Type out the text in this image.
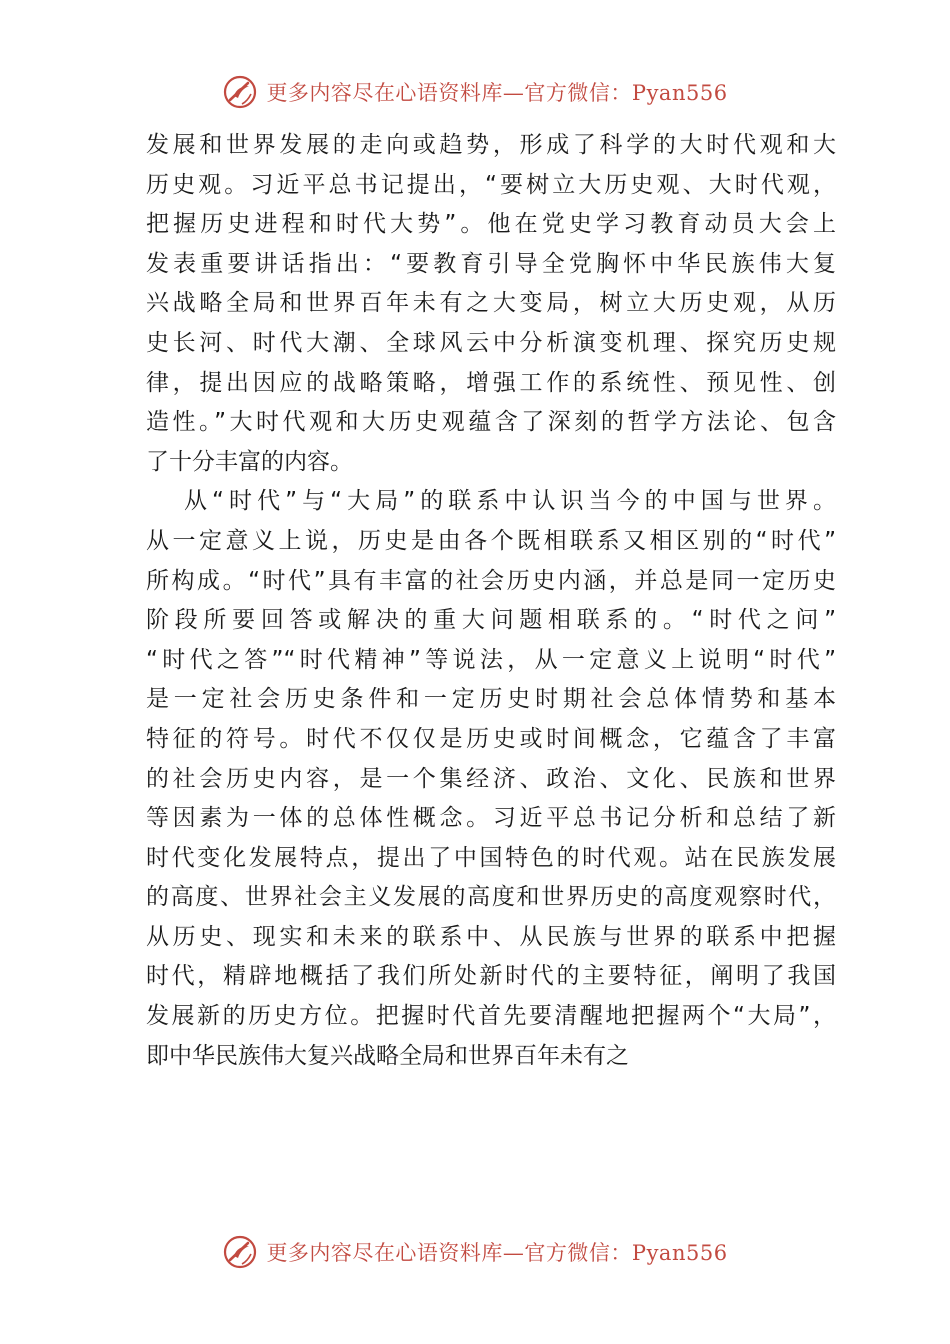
更多内容尽在心语资料库—官方微信：Pyan556
发展和世界发展的走向或趋势，形成了科学的大时代观和大
历史观。习近平总书记提出，“要树立大历史观、大时代观，
把握历史进程和时代大势”。他在党史学习教育动员大会上
发表重要讲话指出：“要教育引导全党胸怀中华民族伟大复
兴战略全局和世界百年未有之大变局，树立大历史观，从历
史长河、时代大潮、全球风云中分析演变机理、探究历史规
律，提出因应的战略策略，增强工作的系统性、预见性、创
造性。”大时代观和大历史观蕴含了深刻的哲学方法论、包含
了十分丰富的内容。
从“时代”与“大局”的联系中认识当今的中国与世界。
从一定意义上说，历史是由各个既相联系又相区别的“时代”
所构成。“时代”具有丰富的社会历史内涵，并总是同一定历史
阶段所要回答或解决的重大问题相联系的。“时代之问”
“时代之答”“时代精神”等说法，从一定意义上说明“时代”
是一定社会历史条件和一定历史时期社会总体情势和基本
特征的符号。时代不仅仅是历史或时间概念，它蕴含了丰富
的社会历史内容，是一个集经济、政治、文化、民族和世界
等因素为一体的总体性概念。习近平总书记分析和总结了新
时代变化发展特点，提出了中国特色的时代观。站在民族发展
的高度、世界社会主义发展的高度和世界历史的高度观察时代，
从历史、现实和未来的联系中、从民族与世界的联系中把握
时代，精辟地概括了我们所处新时代的主要特征，阐明了我国
发展新的历史方位。把握时代首先要清醒地把握两个“大局”，
即中华民族伟大复兴战略全局和世界百年未有之
更多内容尽在心语资料库—官方微信：Pyan556
